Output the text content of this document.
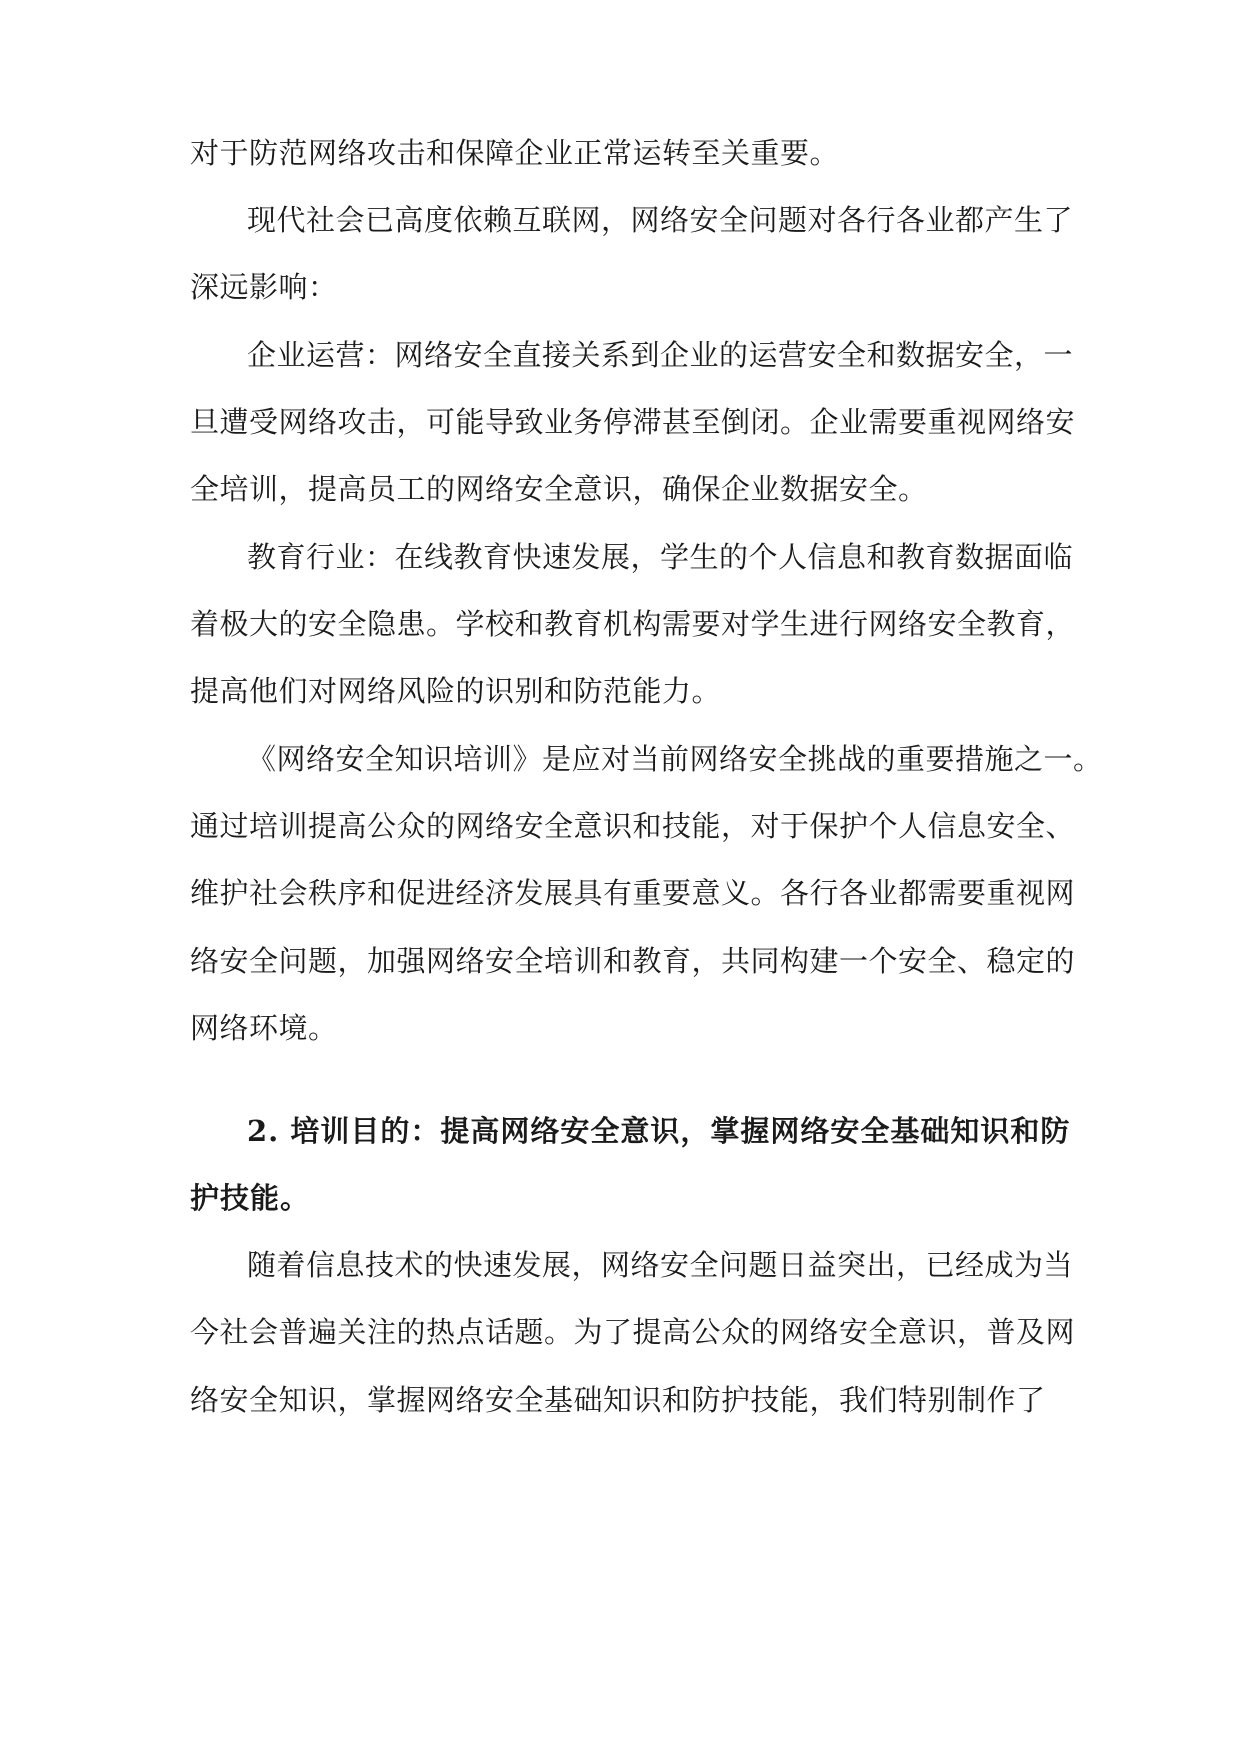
对于防范网络攻击和保障企业正常运转至关重要。
现代社会已高度依赖互联网，网络安全问题对各行各业都产生了
深远影响：
企业运营：网络安全直接关系到企业的运营安全和数据安全，一
旦遭受网络攻击，可能导致业务停滞甚至倒闭。企业需要重视网络安
全培训，提高员工的网络安全意识，确保企业数据安全。
教育行业：在线教育快速发展，学生的个人信息和教育数据面临
着极大的安全隐患。学校和教育机构需要对学生进行网络安全教育，
提高他们对网络风险的识别和防范能力。
《网络安全知识培训》是应对当前网络安全挑战的重要措施之一。
通过培训提高公众的网络安全意识和技能，对于保护个人信息安全、
维护社会秩序和促进经济发展具有重要意义。各行各业都需要重视网
络安全问题，加强网络安全培训和教育，共同构建一个安全、稳定的
网络环境。
2. 培训目的：提高网络安全意识，掌握网络安全基础知识和防
护技能。
随着信息技术的快速发展，网络安全问题日益突出，已经成为当
今社会普遍关注的热点话题。为了提高公众的网络安全意识，普及网
络安全知识，掌握网络安全基础知识和防护技能，我们特别制作了
